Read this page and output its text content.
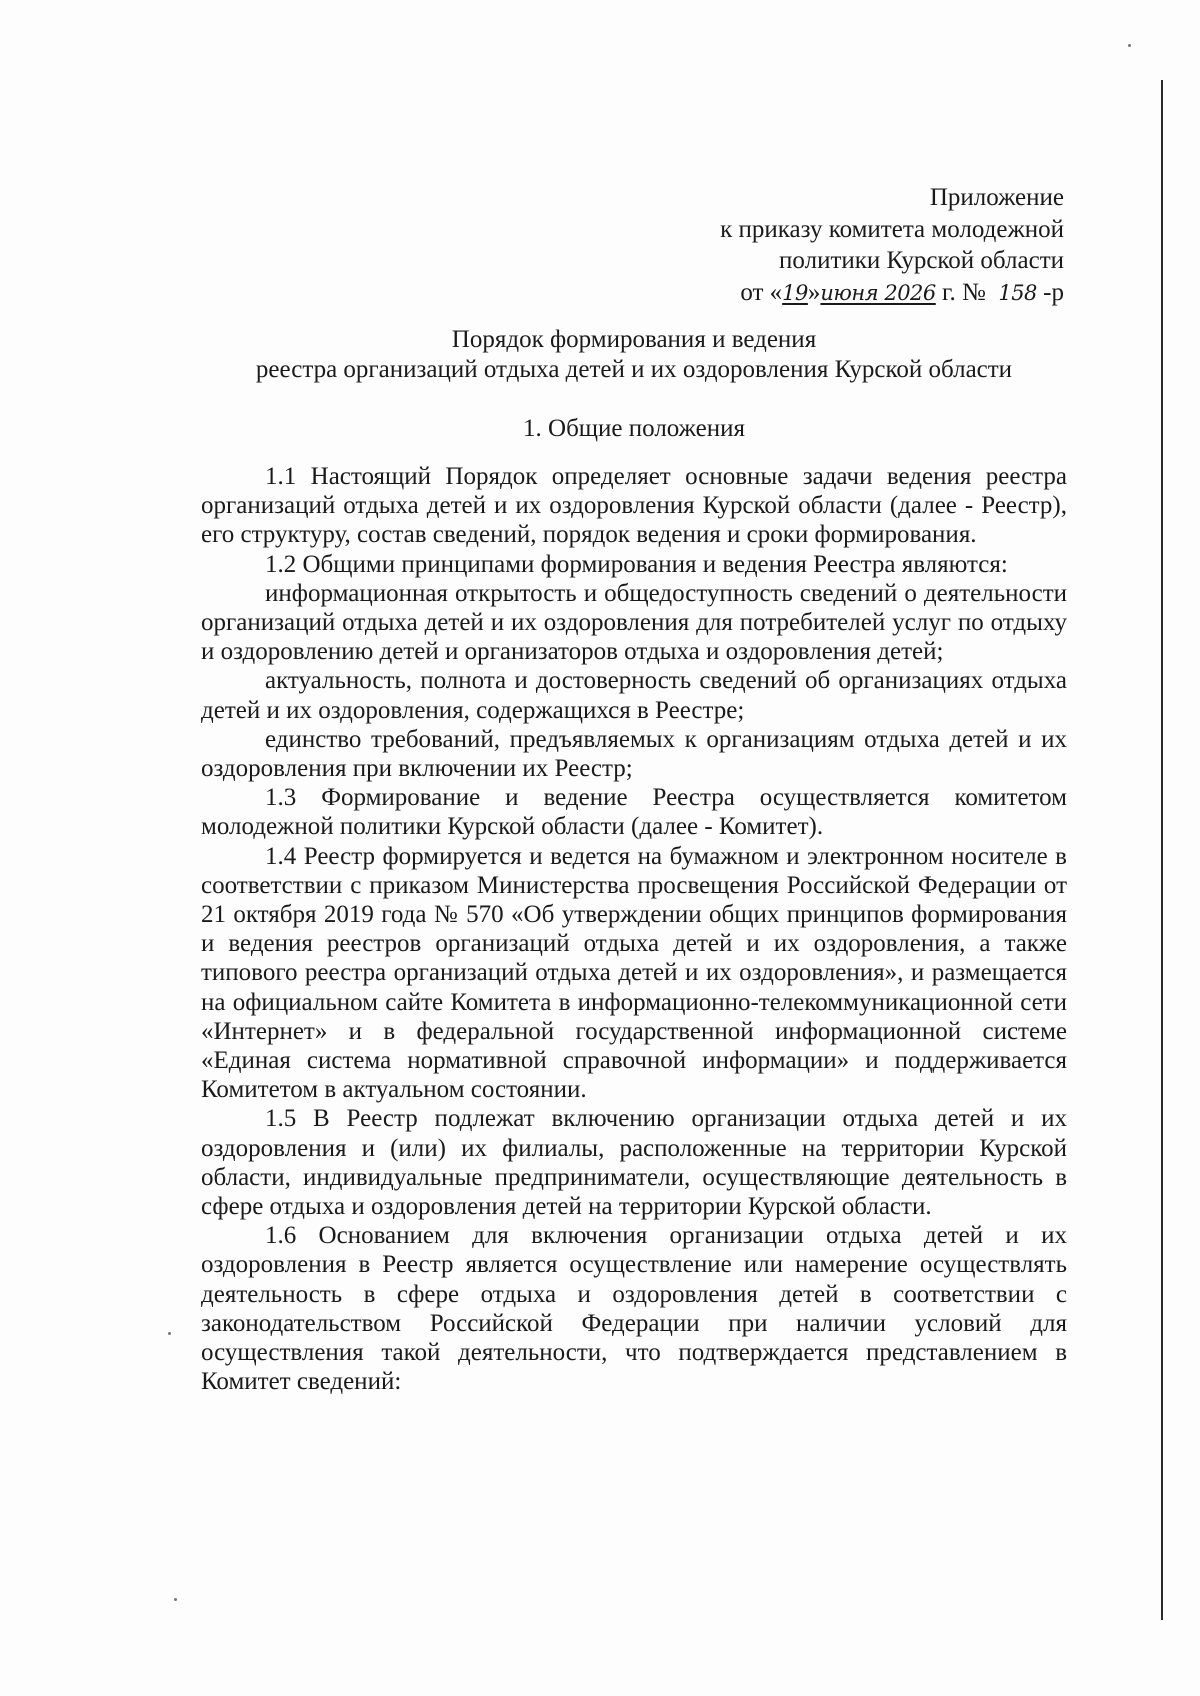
Приложение
к приказу комитета молодежной
политики Курской области
от «19»июня 2026 г. № 158 -р
Порядок формирования и ведения
реестра организаций отдыха детей и их оздоровления Курской области
1. Общие положения

1.1 Настоящий Порядок определяет основные задачи ведения реестра организаций отдыха детей и их оздоровления Курской области (далее - Реестр), его структуру, состав сведений, порядок ведения и сроки формирования.

1.2 Общими принципами формирования и ведения Реестра являются:

информационная открытость и общедоступность сведений о деятельности организаций отдыха детей и их оздоровления для потребителей услуг по отдыху и оздоровлению детей и организаторов отдыха и оздоровления детей;

актуальность, полнота и достоверность сведений об организациях отдыха детей и их оздоровления, содержащихся в Реестре;

единство требований, предъявляемых к организациям отдыха детей и их оздоровления при включении их Реестр;

1.3 Формирование и ведение Реестра осуществляется комитетом молодежной политики Курской области (далее - Комитет).

1.4 Реестр формируется и ведется на бумажном и электронном носителе в соответствии с приказом Министерства просвещения Российской Федерации от 21 октября 2019 года № 570 «Об утверждении общих принципов формирования и ведения реестров организаций отдыха детей и их оздоровления, а также типового реестра организаций отдыха детей и их оздоровления», и размещается на официальном сайте Комитета в информационно-телекоммуникационной сети «Интернет» и в федеральной государственной информационной системе «Единая система нормативной справочной информации» и поддерживается Комитетом в актуальном состоянии.

1.5 В Реестр подлежат включению организации отдыха детей и их оздоровления и (или) их филиалы, расположенные на территории Курской области, индивидуальные предприниматели, осуществляющие деятельность в сфере отдыха и оздоровления детей на территории Курской области.

1.6 Основанием для включения организации отдыха детей и их оздоровления в Реестр является осуществление или намерение осуществлять деятельность в сфере отдыха и оздоровления детей в соответствии с законодательством Российской Федерации при наличии условий для осуществления такой деятельности, что подтверждается представлением в Комитет сведений:
